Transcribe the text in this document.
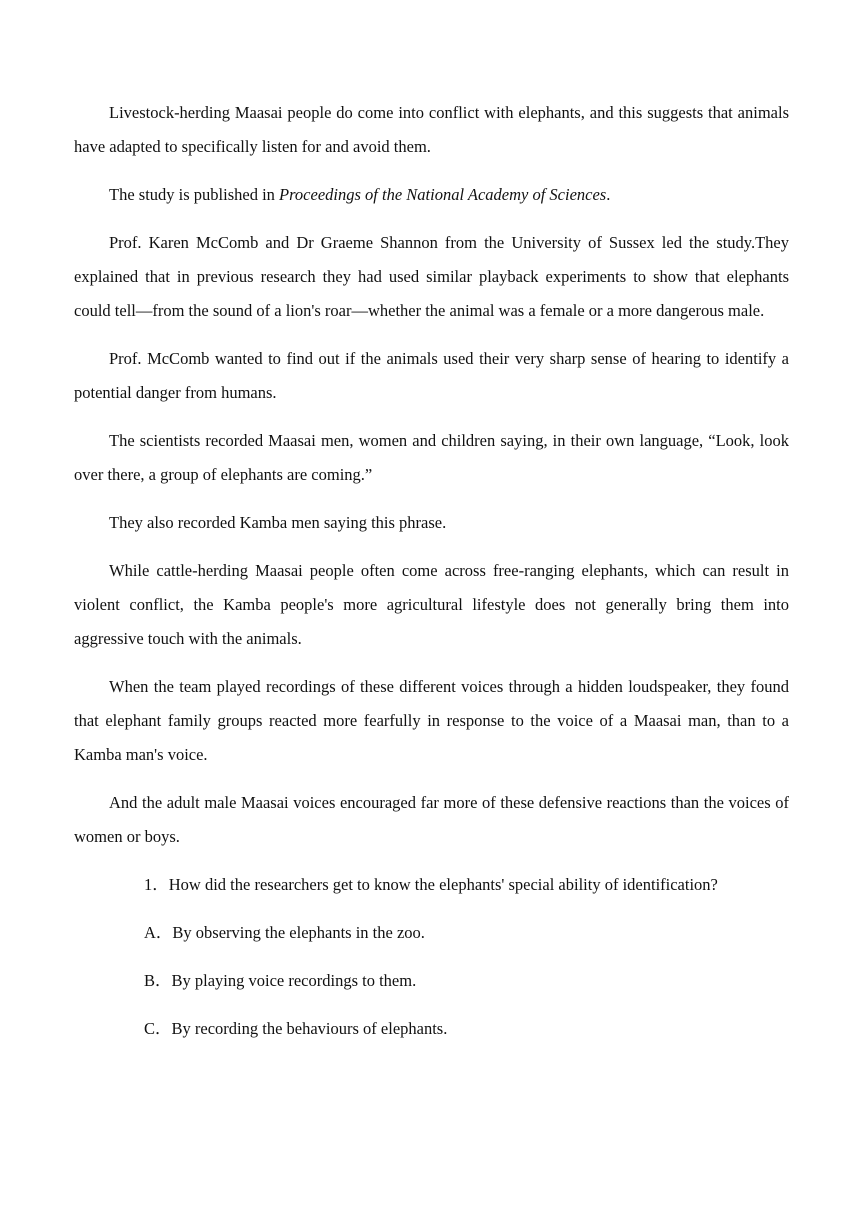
Livestock-herding Maasai people do come into conflict with elephants, and this suggests that animals have adapted to specifically listen for and avoid them.

The study is published in Proceedings of the National Academy of Sciences.

Prof. Karen McComb and Dr Graeme Shannon from the University of Sussex led the study.They explained that in previous research they had used similar playback experiments to show that elephants could tell—from the sound of a lion's roar—whether the animal was a female or a more dangerous male.

Prof. McComb wanted to find out if the animals used their very sharp sense of hearing to identify a potential danger from humans.

The scientists recorded Maasai men, women and children saying, in their own language, “Look, look over there, a group of elephants are coming.”

They also recorded Kamba men saying this phrase.

While cattle-herding Maasai people often come across free-ranging elephants, which can result in violent conflict, the Kamba people's more agricultural lifestyle does not generally bring them into aggressive touch with the animals.

When the team played recordings of these different voices through a hidden loudspeaker, they found that elephant family groups reacted more fearfully in response to the voice of a Maasai man, than to a Kamba man's voice.

And the adult male Maasai voices encouraged far more of these defensive reactions than the voices of women or boys.

1．How did the researchers get to know the elephants' special ability of identification?

A．By observing the elephants in the zoo.

B．By playing voice recordings to them.

C．By recording the behaviours of elephants.
